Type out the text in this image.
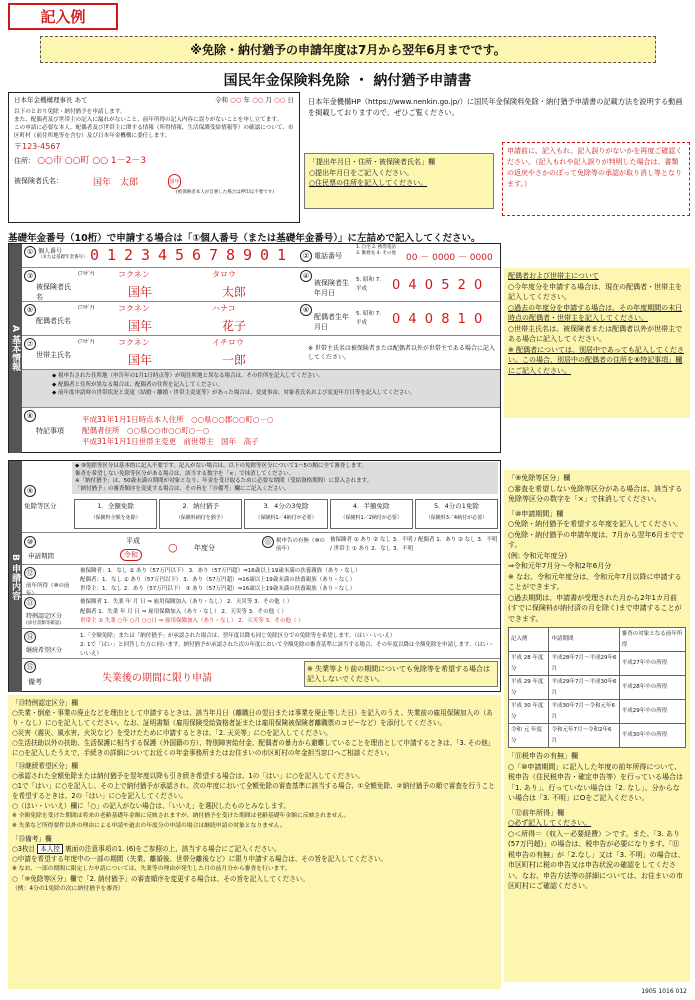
記入例
※免除・納付猶予の申請年度は7月から翌年6月までです。
国民年金保険料免除 ・ 納付猶予申請書
日本年金機構理事長 あて	令和 ○○ 年 ○○ 月 ○○ 日
以下のとおり免除・納付猶予を申請します。
また、配偶者及び世帯主の記入に漏れがないこと、前年所得の記入内容に誤りがないことを申し立てます。
この申請に必要な本人、配偶者及び世帯主に関する情報（所得情報、生活保護受給情報等）の確認について、市区町村（前住所地等を含む）及び日本年金機構に委任します。
〒123-4567
住所： ○○市 ○○町 ○○ 1－2－3
被保険者氏名：	国年　太郎	国年
(被保険者本人が自署した場合は押印は不要です)
日本年金機構HP（https://www.nenkin.go.jp/）に国民年金保険料免除・納付猶予申請書の記載方法を説明する動画を掲載しておりますので、ぜひご覧ください。
「提出年月日・住所・被保険者氏名」欄
○提出年月日をご記入ください。
○住民票の住所を記入してください。
申請前に、記入もれ、記入誤りがないかを再度ご確認ください。（記入もれや記入誤りが判明した場合は、書類の返戻やさかのぼって免除等の承認が取り消し等となります。）
基礎年金番号（10桁）で申請する場合は「①個人番号（または基礎年金番号）」に左詰めで記入してください。
A 基本情報
① 個人番号
（または基礎年金番号） 0 1 2 3 4 5 6 7 8 9 0 1	② 電話番号
1. 自宅 2. 携帯電話 3. 勤務先 4. その他 00 － 0000 － 0000
③
被保険者氏名
(ﾌﾘｶﾞﾅ)	コクネン	タロウ
国年	太郎
④
被保険者生年月日
5. 昭和 7. 平成	0 4 0 5 2 0
⑤
配偶者氏名
(ﾌﾘｶﾞﾅ)	コクネン	ハナコ
国年	花子
⑥
配偶者生年月日
5. 昭和 7. 平成	0 4 0 8 1 0
⑦
世帯主氏名
(ﾌﾘｶﾞﾅ)	コクネン	イチロウ
国年	一郎
※ 世帯主氏名は被保険者または配偶者以外が世帯主である場合に記入してください。
◆ 税申告された住所地（申告年の1月1日時点等）が現住所地と異なる場合は、その住所を記入してください。
◆ 配偶者と住所が異なる場合は、配偶者の住所を記入してください。
◆ 前年度申請時の世帯状況と変更（結婚・離婚・世帯主変更等）があった場合は、変更事由、対象者氏名および変更年月日等を記入してください。
⑧
特記事項
平成31年1月1日時点本人住所　○○県○○郡○○町○－○
配偶者住所　○○県○○市○○町○－○
平成31年1月1日世帯主変更　前世帯主　国年　高子
配偶者および世帯主について
○今年度分を申請する場合は、現在の配偶者・世帯主を記入してください。
○過去の年度分を申請する場合は、その年度期間の末日時点の配偶者・世帯主を記入してください。
○世帯主氏名は、被保険者または配偶者以外が世帯主である場合に記入してください。
※ 配偶者については、別居中であっても記入してください。この場合、別居中の配偶者の住所を⑧特記事項」欄にご記入ください。
B 申請内容
⑨
免除等区分
◆ ⑨免除等区分は基本的に記入不要です。記入がない場合は、以下の免除等区分について1～5の順に全て審査します。
審査を希望しない免除等区分がある場合は、該当する数字を「×」で抹消してください。
※「納付猶予」は、50歳未満の期間が対象となり、年金を受け取るために必要な期間（受給資格期間）に算入されます。
「納付猶予」の審査順序を変更する場合は、その旨を「⑮備考」欄にご記入ください。
1．全額免除
（保険料全額を免除）
2．納付猶予
（保険料納付を猶予）
3．4分の3免除
（保険料1／4納付が必要）
4．半額免除
（保険料1／2納付が必要）
5．4分の1免除
（保険料3／4納付が必要）
⑩
申請期間
平成
令和
○ 年度分
⑪ 税申告の有無（⑩の前年）
被保険者 ① あり ② なし 3．不明 / 配偶者 1．あり ② なし 3．不明 / 世帯主 ① あり 2．なし 3．不明
⑫
前年所得（⑩の前年）
被保険者：1．なし ② あり（57万円以下） 3．あり（57万円超）⇒16歳以上19歳未満の扶養親族（あり・なし）
配偶者：1．なし ② あり（57万円以下） 3．あり（57万円超）⇒16歳以上19歳未満の扶養親族（あり・なし）
世帯主：1．なし 2．あり（57万円以下） ③ あり（57万円超）⇒16歳以上19歳未満の扶養親族（あり・なし）
⑬
特例認定区分
(添付書類等確認)
被保険者 1．失業 年 月 日 ⇒ 雇用保険加入（あり・なし） 2．天災等 3．その他（ ）
配偶者 1．失業 年 月 日 ⇒ 雇用保険加入（あり・なし） 2．天災等 3．その他（ ）
世帯主 ① 失業 ○年 ○月 ○○日 ⇒ 雇用保険加入（あり・なし） 2．天災等 3．その他（ ）
⑭
継続希望区分
1.「全額免除」または「納付猶予」が承認された場合は、翌年度以降も同じ免除区分での免除等を希望します。（はい・いいえ）
2. 1で「はい」と回答した方に伺います。納付猶予が承認された次の年度において全額免除の審査基準に該当する場合、その年度以降は全額免除を申請します。（はい・いいえ）
⑮
備考	失業後の期間に限り申請
※ 失業等より前の期間についても免除等を希望する場合は記入しないでください。
「⑨免除等区分」欄
○審査を希望しない免除等区分がある場合は、該当する免除等区分の数字を「×」で抹消してください。
「⑩申請期間」欄
○免除・納付猶予を希望する年度を記入してください。
○免除・納付猶予の申請年度は、7月から翌年6月までです。
(例: 令和元年度分)
⇒令和元年7月分～令和2年6月分
※ なお、令和元年度分は、令和元年7月以降に申請することができます。
○過去期間は、申請書が受理された月から2年1カ月前(すでに保険料が納付済の月を除く)まで申請することができます。
記入例	申請期間	審査の対象となる前年所得
平成 28 年度分	平成28年7月～平成29年6月	平成27年中の所得
平成 29 年度分	平成29年7月～平成30年6月	平成28年中の所得
平成 30 年度分	平成30年7月～令和元年6月	平成29年中の所得
令和 元 年度分	令和元年7月～令和2年6月	平成30年中の所得
「⑪税申告の有無」欄
○「⑩申請期間」に記入した年度の前年所得について、税申告（住民税申告・確定申告等）を行っている場合は「1. あり」、行っていない場合は「2. なし」、分からない場合は「3. 不明」にOをご記入ください。
「⑫前年所得」欄
○必ず記入してください。
○＜所得＝（収入－必要経費）＞です。また、「3. あり(57万円超)」の場合は、税申告が必要になります。「⑪税申告の有無」が「2.なし」又は「3. 不明」の場合は、市区町村に税の申告又は申告状況の確認をしてください。なお、申告方法等の詳細については、お住まいの市区町村にご確認ください。
「⑬特例認定区分」欄
○失業・倒産・事業の廃止などを理由として申請するときは、該当年月日（離職日の翌日または事業を廃止等した日）を記入のうえ、失業前の雇用保険加入の（あり・なし）に○を記入してください。なお、証明書類（雇用保険受給資格者証または雇用保険被保険者離職票のコピーなど）を添付してください。
○災害（震災、風水害、火災など）を受けたために申請するときは、「2. 天災等」に○を記入してください。
○生活扶助以外の扶助、生活保護に相当する保護（外国籍の方）、特別障害給付金、配偶者の暴力から避難していることを理由として申請するときは、「3. その他」に○を記入したうえで、手続きの詳細についてお近くの年金事務所またはお住まいの市区町村の年金担当窓口へご相談ください。
「⑭継続希望区分」欄
○承認された全額免除または納付猶予を翌年度以降も引き続き希望する場合は、1の「はい」に○を記入してください。
○1で「はい」に○を記入し、その上で納付猶予が承認され、次の年度において全額免除の審査基準に該当する場合、①全額免除、②納付猶予の順で審査を行うことを希望するときは、2の「はい」に○を記入してください。
○（はい・いいえ）欄に「○」の記入がない場合は、「いいえ」を選択したものとみなします。
※ 全額免除を受けた期間は将来の老齢基礎年金額に反映されますが、納付猶予を受けた期間は老齢基礎年金額に反映されません。
※ 失業など所得要件以外の理由による申請や過去の年度分の申請の場合は継続申請の対象となりません。
「⑮備考」欄
○3枚目 本人控 裏面の注意事項の1. (6)をご参照の上、該当する場合にご記入ください。
○申請を希望する年度中の一部の期間（失業、離婚後、世帯分離後など）に限り申請する場合は、その旨を記入してください。
※ なお、一部の期間に限定した申請については、失業等の理由が発生した月の前月分から審査を行います。
○「⑨免除等区分」欄で「2. 納付猶予」の審査順序を変更する場合は、その旨を記入してください。
（例：4分の1免除の次に納付猶予を審査）
1905 1016 012
